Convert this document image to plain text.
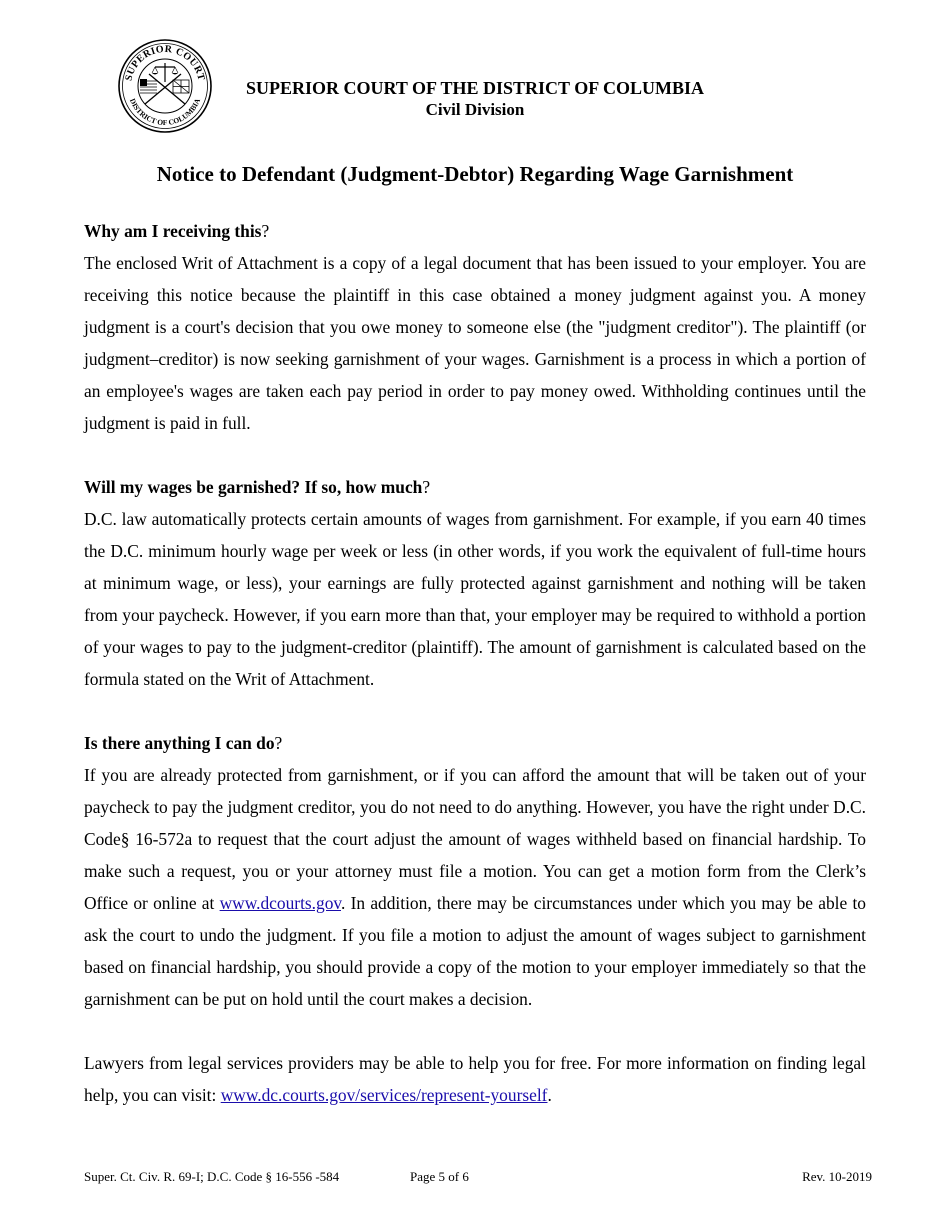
SUPERIOR COURT
DISTRICT OF COLUMBIA
SUPERIOR COURT OF THE DISTRICT OF COLUMBIA
Civil Division
Notice to Defendant (Judgment-Debtor) Regarding Wage Garnishment

Why am I receiving this?

The enclosed Writ of Attachment is a copy of a legal document that has been issued to your employer. You are receiving this notice because the plaintiff in this case obtained a money judgment against you. A money judgment is a court's decision that you owe money to someone else (the "judgment creditor"). The plaintiff (or judgment–creditor) is now seeking garnishment of your wages. Garnishment is a process in which a portion of an employee's wages are taken each pay period in order to pay money owed. Withholding continues until the judgment is paid in full.

Will my wages be garnished? If so, how much?

D.C. law automatically protects certain amounts of wages from garnishment. For example, if you earn 40 times the D.C. minimum hourly wage per week or less (in other words, if you work the equivalent of full-time hours at minimum wage, or less), your earnings are fully protected against garnishment and nothing will be taken from your paycheck. However, if you earn more than that, your employer may be required to withhold a portion of your wages to pay to the judgment-creditor (plaintiff). The amount of garnishment is calculated based on the formula stated on the Writ of Attachment.

Is there anything I can do?

If you are already protected from garnishment, or if you can afford the amount that will be taken out of your paycheck to pay the judgment creditor, you do not need to do anything. However, you have the right under D.C. Code§ 16-572a to request that the court adjust the amount of wages withheld based on financial hardship. To make such a request, you or your attorney must file a motion. You can get a motion form from the Clerk’s Office or online at www.dcourts.gov. In addition, there may be circumstances under which you may be able to ask the court to undo the judgment. If you file a motion to adjust the amount of wages subject to garnishment based on financial hardship, you should provide a copy of the motion to your employer immediately so that the garnishment can be put on hold until the court makes a decision.

Lawyers from legal services providers may be able to help you for free. For more information on finding legal help, you can visit: www.dc.courts.gov/services/represent-yourself.

Super. Ct. Civ. R. 69-I; D.C. Code § 16-556 -584	Page 5 of 6	Rev. 10-2019
